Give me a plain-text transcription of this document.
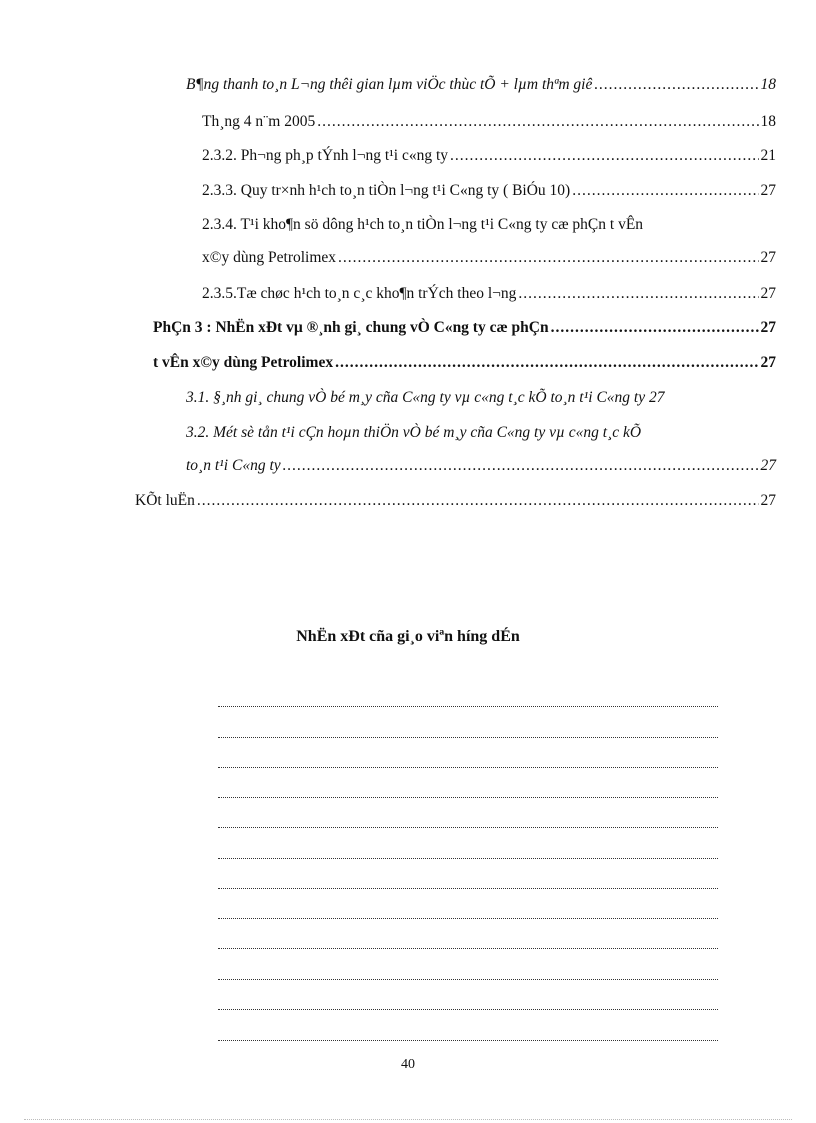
B¶ng thanh to¸n L¬ng thêi gian lµm viÖc thùc tÕ + lµm thªm giê .....	18
Th¸ng 4 n¨m 2005 .....	18
2.3.2. Ph¬ng ph¸p tÝnh l¬ng t¹i c«ng ty .....	21
2.3.3. Quy tr×nh h¹ch to¸n tiÒn l¬ng t¹i C«ng ty ( BiÓu 10) .....	27
2.3.4. T¹i kho¶n sö dông h¹ch to¸n tiÒn l¬ng t¹i C«ng ty cæ phÇn t vÊn
x©y dùng Petrolimex .....	27
2.3.5.Tæ chøc h¹ch to¸n c¸c kho¶n trÝch theo l¬ng .....	27
PhÇn 3 : NhËn xÐt vµ ®¸nh gi¸ chung vÒ C«ng ty cæ phÇn .....	27
t vÊn x©y dùng Petrolimex .....	27
3.1. §¸nh gi¸ chung vÒ bé m¸y cña C«ng ty vµ c«ng t¸c kÕ to¸n t¹i C«ng ty 27
3.2. Mét sè tån t¹i cÇn hoµn thiÖn vÒ bé m¸y cña C«ng ty vµ c«ng t¸c kÕ
to¸n t¹i C«ng ty .....	27
KÕt luËn .....	27
NhËn xÐt cña gi¸o viªn híng dÉn
40
